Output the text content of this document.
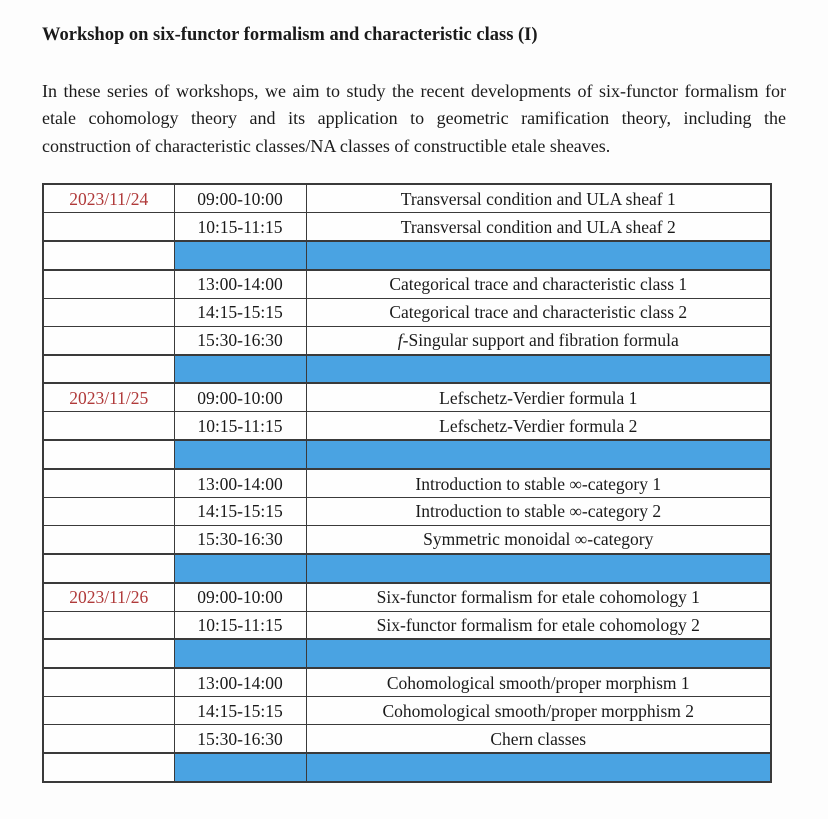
Workshop on six-functor formalism and characteristic class (I)

In these series of workshops, we aim to study the recent developments of six-functor formalism for etale cohomology theory and its application to geometric ramification theory, including the construction of characteristic classes/NA classes of constructible etale sheaves.

2023/11/24	09:00-10:00	Transversal condition and ULA sheaf 1
	10:15-11:15	Transversal condition and ULA sheaf 2

	13:00-14:00	Categorical trace and characteristic class 1
	14:15-15:15	Categorical trace and characteristic class 2
	15:30-16:30	f-Singular support and fibration formula

2023/11/25	09:00-10:00	Lefschetz-Verdier formula 1
	10:15-11:15	Lefschetz-Verdier formula 2

	13:00-14:00	Introduction to stable ∞-category 1
	14:15-15:15	Introduction to stable ∞-category 2
	15:30-16:30	Symmetric monoidal ∞-category

2023/11/26	09:00-10:00	Six-functor formalism for etale cohomology 1
	10:15-11:15	Six-functor formalism for etale cohomology 2

	13:00-14:00	Cohomological smooth/proper morphism 1
	14:15-15:15	Cohomological smooth/proper morpphism 2
	15:30-16:30	Chern classes
